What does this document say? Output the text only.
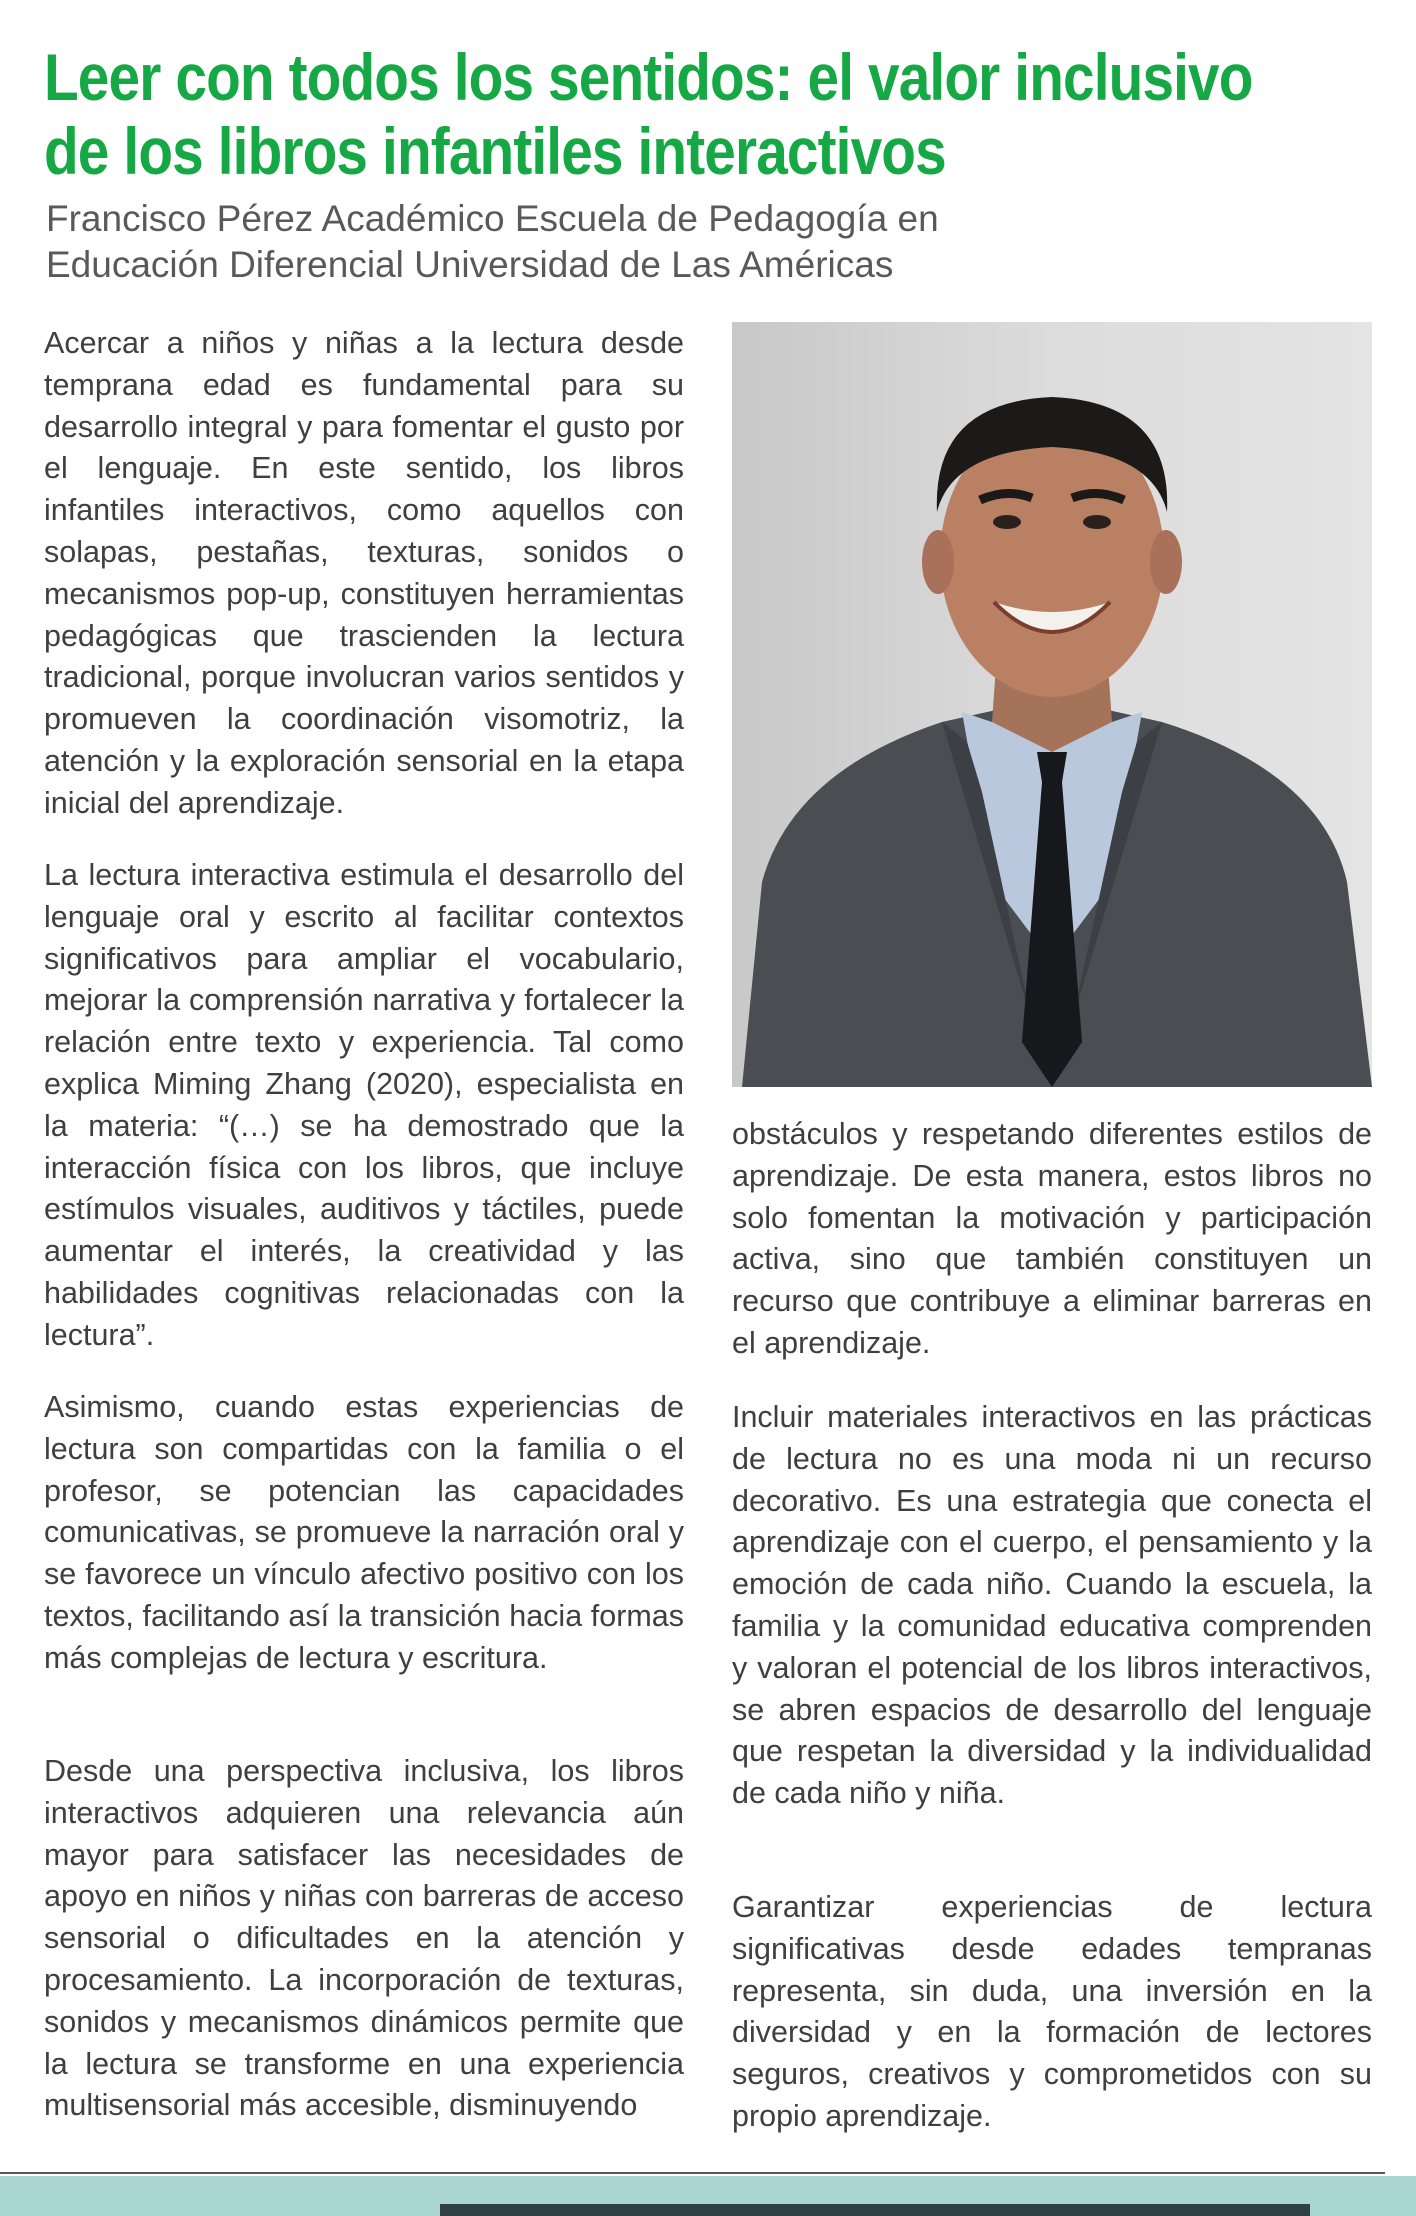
Leer con todos los sentidos: el valor inclusivo
de los libros infantiles interactivos
Francisco Pérez Académico Escuela de Pedagogía en
Educación Diferencial Universidad de Las Américas

Acercar a niños y niñas a la lectura desde temprana edad es fundamental para su desarrollo integral y para fomentar el gusto por el lenguaje. En este sentido, los libros infantiles interactivos, como aquellos con solapas, pestañas, texturas, sonidos o mecanismos pop-up, constituyen herramientas pedagógicas que trascienden la lectura tradicional, porque involucran varios sentidos y promueven la coordinación visomotriz, la atención y la exploración sensorial en la etapa inicial del aprendizaje.

La lectura interactiva estimula el desarrollo del lenguaje oral y escrito al facilitar contextos significativos para ampliar el vocabulario, mejorar la comprensión narrativa y fortalecer la relación entre texto y experiencia. Tal como explica Miming Zhang (2020), especialista en la materia: “(…) se ha demostrado que la interacción física con los libros, que incluye estímulos visuales, auditivos y táctiles, puede aumentar el interés, la creatividad y las habilidades cognitivas relacionadas con la lectura”.

Asimismo, cuando estas experiencias de lectura son compartidas con la familia o el profesor, se potencian las capacidades comunicativas, se promueve la narración oral y se favorece un vínculo afectivo positivo con los textos, facilitando así la transición hacia formas más complejas de lectura y escritura.

Desde una perspectiva inclusiva, los libros interactivos adquieren una relevancia aún mayor para satisfacer las necesidades de apoyo en niños y niñas con barreras de acceso sensorial o dificultades en la atención y procesamiento. La incorporación de texturas, sonidos y mecanismos dinámicos permite que la lectura se transforme en una experiencia multisensorial más accesible, disminuyendo

obstáculos y respetando diferentes estilos de aprendizaje. De esta manera, estos libros no solo fomentan la motivación y participación activa, sino que también constituyen un recurso que contribuye a eliminar barreras en el aprendizaje.

Incluir materiales interactivos en las prácticas de lectura no es una moda ni un recurso decorativo. Es una estrategia que conecta el aprendizaje con el cuerpo, el pensamiento y la emoción de cada niño. Cuando la escuela, la familia y la comunidad educativa comprenden y valoran el potencial de los libros interactivos, se abren espacios de desarrollo del lenguaje que respetan la diversidad y la individualidad de cada niño y niña.

Garantizar experiencias de lectura significativas desde edades tempranas representa, sin duda, una inversión en la diversidad y en la formación de lectores seguros, creativos y comprometidos con su propio aprendizaje.
